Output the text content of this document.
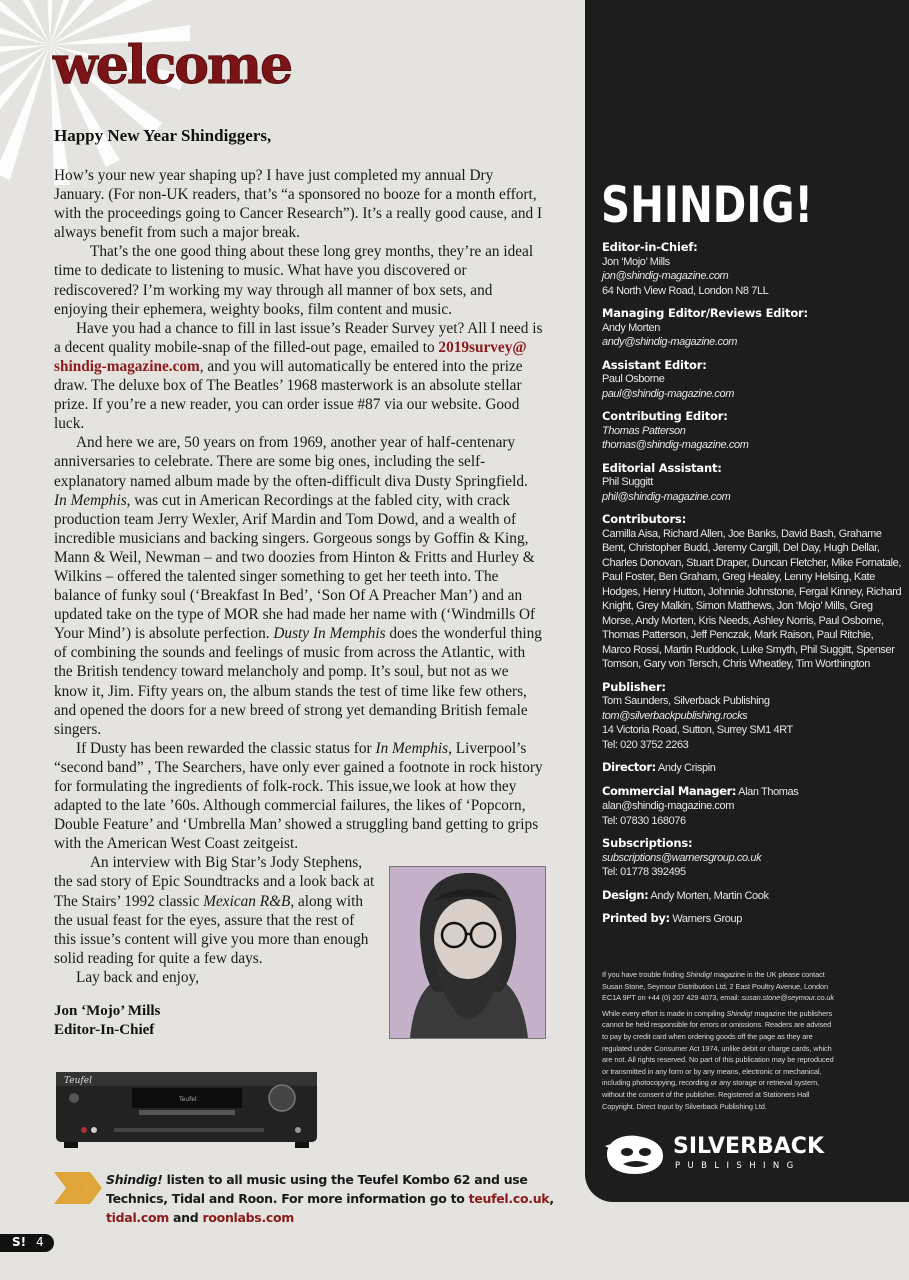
welcome

Happy New Year Shindiggers,

How’s your new year shaping up? I have just completed my annual Dry January. (For non-UK readers, that’s “a sponsored no booze for a month effort, with the proceedings going to Cancer Research”). It’s a really good cause, and I always benefit from such a major break.

That’s the one good thing about these long grey months, they’re an ideal time to dedicate to listening to music. What have you discovered or rediscovered? I’m working my way through all manner of box sets, and enjoying their ephemera, weighty books, film content and music.

Have you had a chance to fill in last issue’s Reader Survey yet? All I need is a decent quality mobile-snap of the filled-out page, emailed to 2019survey@ shindig-magazine.com, and you will automatically be entered into the prize draw. The deluxe box of The Beatles’ 1968 masterwork is an absolute stellar prize. If you’re a new reader, you can order issue #87 via our website. Good luck.

And here we are, 50 years on from 1969, another year of half-centenary anniversaries to celebrate. There are some big ones, including the self-explanatory named album made by the often-difficult diva Dusty Springfield. In Memphis, was cut in American Recordings at the fabled city, with crack production team Jerry Wexler, Arif Mardin and Tom Dowd, and a wealth of incredible musicians and backing singers. Gorgeous songs by Goffin & King, Mann & Weil, Newman – and two doozies from Hinton & Fritts and Hurley & Wilkins – offered the talented singer something to get her teeth into. The balance of funky soul (‘Breakfast In Bed’, ‘Son Of A Preacher Man’) and an updated take on the type of MOR she had made her name with (‘Windmills Of Your Mind’) is absolute perfection. Dusty In Memphis does the wonderful thing of combining the sounds and feelings of music from across the Atlantic, with the British tendency toward melancholy and pomp. It’s soul, but not as we know it, Jim. Fifty years on, the album stands the test of time like few others, and opened the doors for a new breed of strong yet demanding British female singers.

If Dusty has been rewarded the classic status for In Memphis, Liverpool’s “second band” , The Searchers, have only ever gained a footnote in rock history for formulating the ingredients of folk-rock. This issue,we look at how they adapted to the late ’60s. Although commercial failures, the likes of ‘Popcorn, Double Feature’ and ‘Umbrella Man’ showed a struggling band getting to grips with the American West Coast zeitgeist.

An interview with Big Star’s Jody Stephens, the sad story of Epic Soundtracks and a look back at The Stairs’ 1992 classic Mexican R&B, along with the usual feast for the eyes, assure that the rest of this issue’s content will give you more than enough solid reading for quite a few days.

Lay back and enjoy,

Jon ‘Mojo’ Mills
Editor-In-Chief
Teufel
Teufel
Shindig! listen to all music using the Teufel Kombo 62 and use Technics, Tidal and Roon. For more information go to teufel.co.uk, tidal.com and roonlabs.com
S! 4
SHINDIG!
Editor-in-Chief:
Jon ‘Mojo’ Mills
jon@shindig-magazine.com
64 North View Road, London N8 7LL
Managing Editor/Reviews Editor:
Andy Morten
andy@shindig-magazine.com
Assistant Editor:
Paul Osborne
paul@shindig-magazine.com
Contributing Editor:
Thomas Patterson
thomas@shindig-magazine.com
Editorial Assistant:
Phil Suggitt
phil@shindig-magazine.com
Contributors:
Camilla Aisa, Richard Allen, Joe Banks, David Bash, Grahame Bent, Christopher Budd, Jeremy Cargill, Del Day, Hugh Dellar, Charles Donovan, Stuart Draper, Duncan Fletcher, Mike Fornatale, Paul Foster, Ben Graham, Greg Healey, Lenny Helsing, Kate Hodges, Henry Hutton, Johnnie Johnstone, Fergal Kinney, Richard Knight, Grey Malkin, Simon Matthews, Jon ‘Mojo’ Mills, Greg Morse, Andy Morten, Kris Needs, Ashley Norris, Paul Osborne, Thomas Patterson, Jeff Penczak, Mark Raison, Paul Ritchie, Marco Rossi, Martin Ruddock, Luke Smyth, Phil Suggitt, Spenser Tomson, Gary von Tersch, Chris Wheatley, Tim Worthington
Publisher:
Tom Saunders, Silverback Publishing
tom@silverbackpublishing.rocks
14 Victoria Road, Sutton, Surrey SM1 4RT
Tel: 020 3752 2263
Director: Andy Crispin
Commercial Manager: Alan Thomas
alan@shindig-magazine.com
Tel: 07830 168076
Subscriptions:
subscriptions@warnersgroup.co.uk
Tel: 01778 392495
Design: Andy Morten, Martin Cook
Printed by: Warners Group

If you have trouble finding Shindig! magazine in the UK please contact Susan Stone, Seymour Distribution Ltd, 2 East Poultry Avenue, London EC1A 9PT on +44 (0) 207 429 4073, email: susan.stone@seymour.co.uk

While every effort is made in compiling Shindig! magazine the publishers cannot be held responsible for errors or omissions. Readers are advised to pay by credit card when ordering goods off the page as they are regulated under Consumer Act 1974, unlike debit or charge cards, which are not. All rights reserved. No part of this publication may be reproduced or transmitted in any form or by any means, electronic or mechanical, including photocopying, recording or any storage or retrieval system, without the consent of the publisher. Registered at Stationers Hall Copyright. Direct Input by Silverback Publishing Ltd.

SILVERBACK
PUBLISHING
